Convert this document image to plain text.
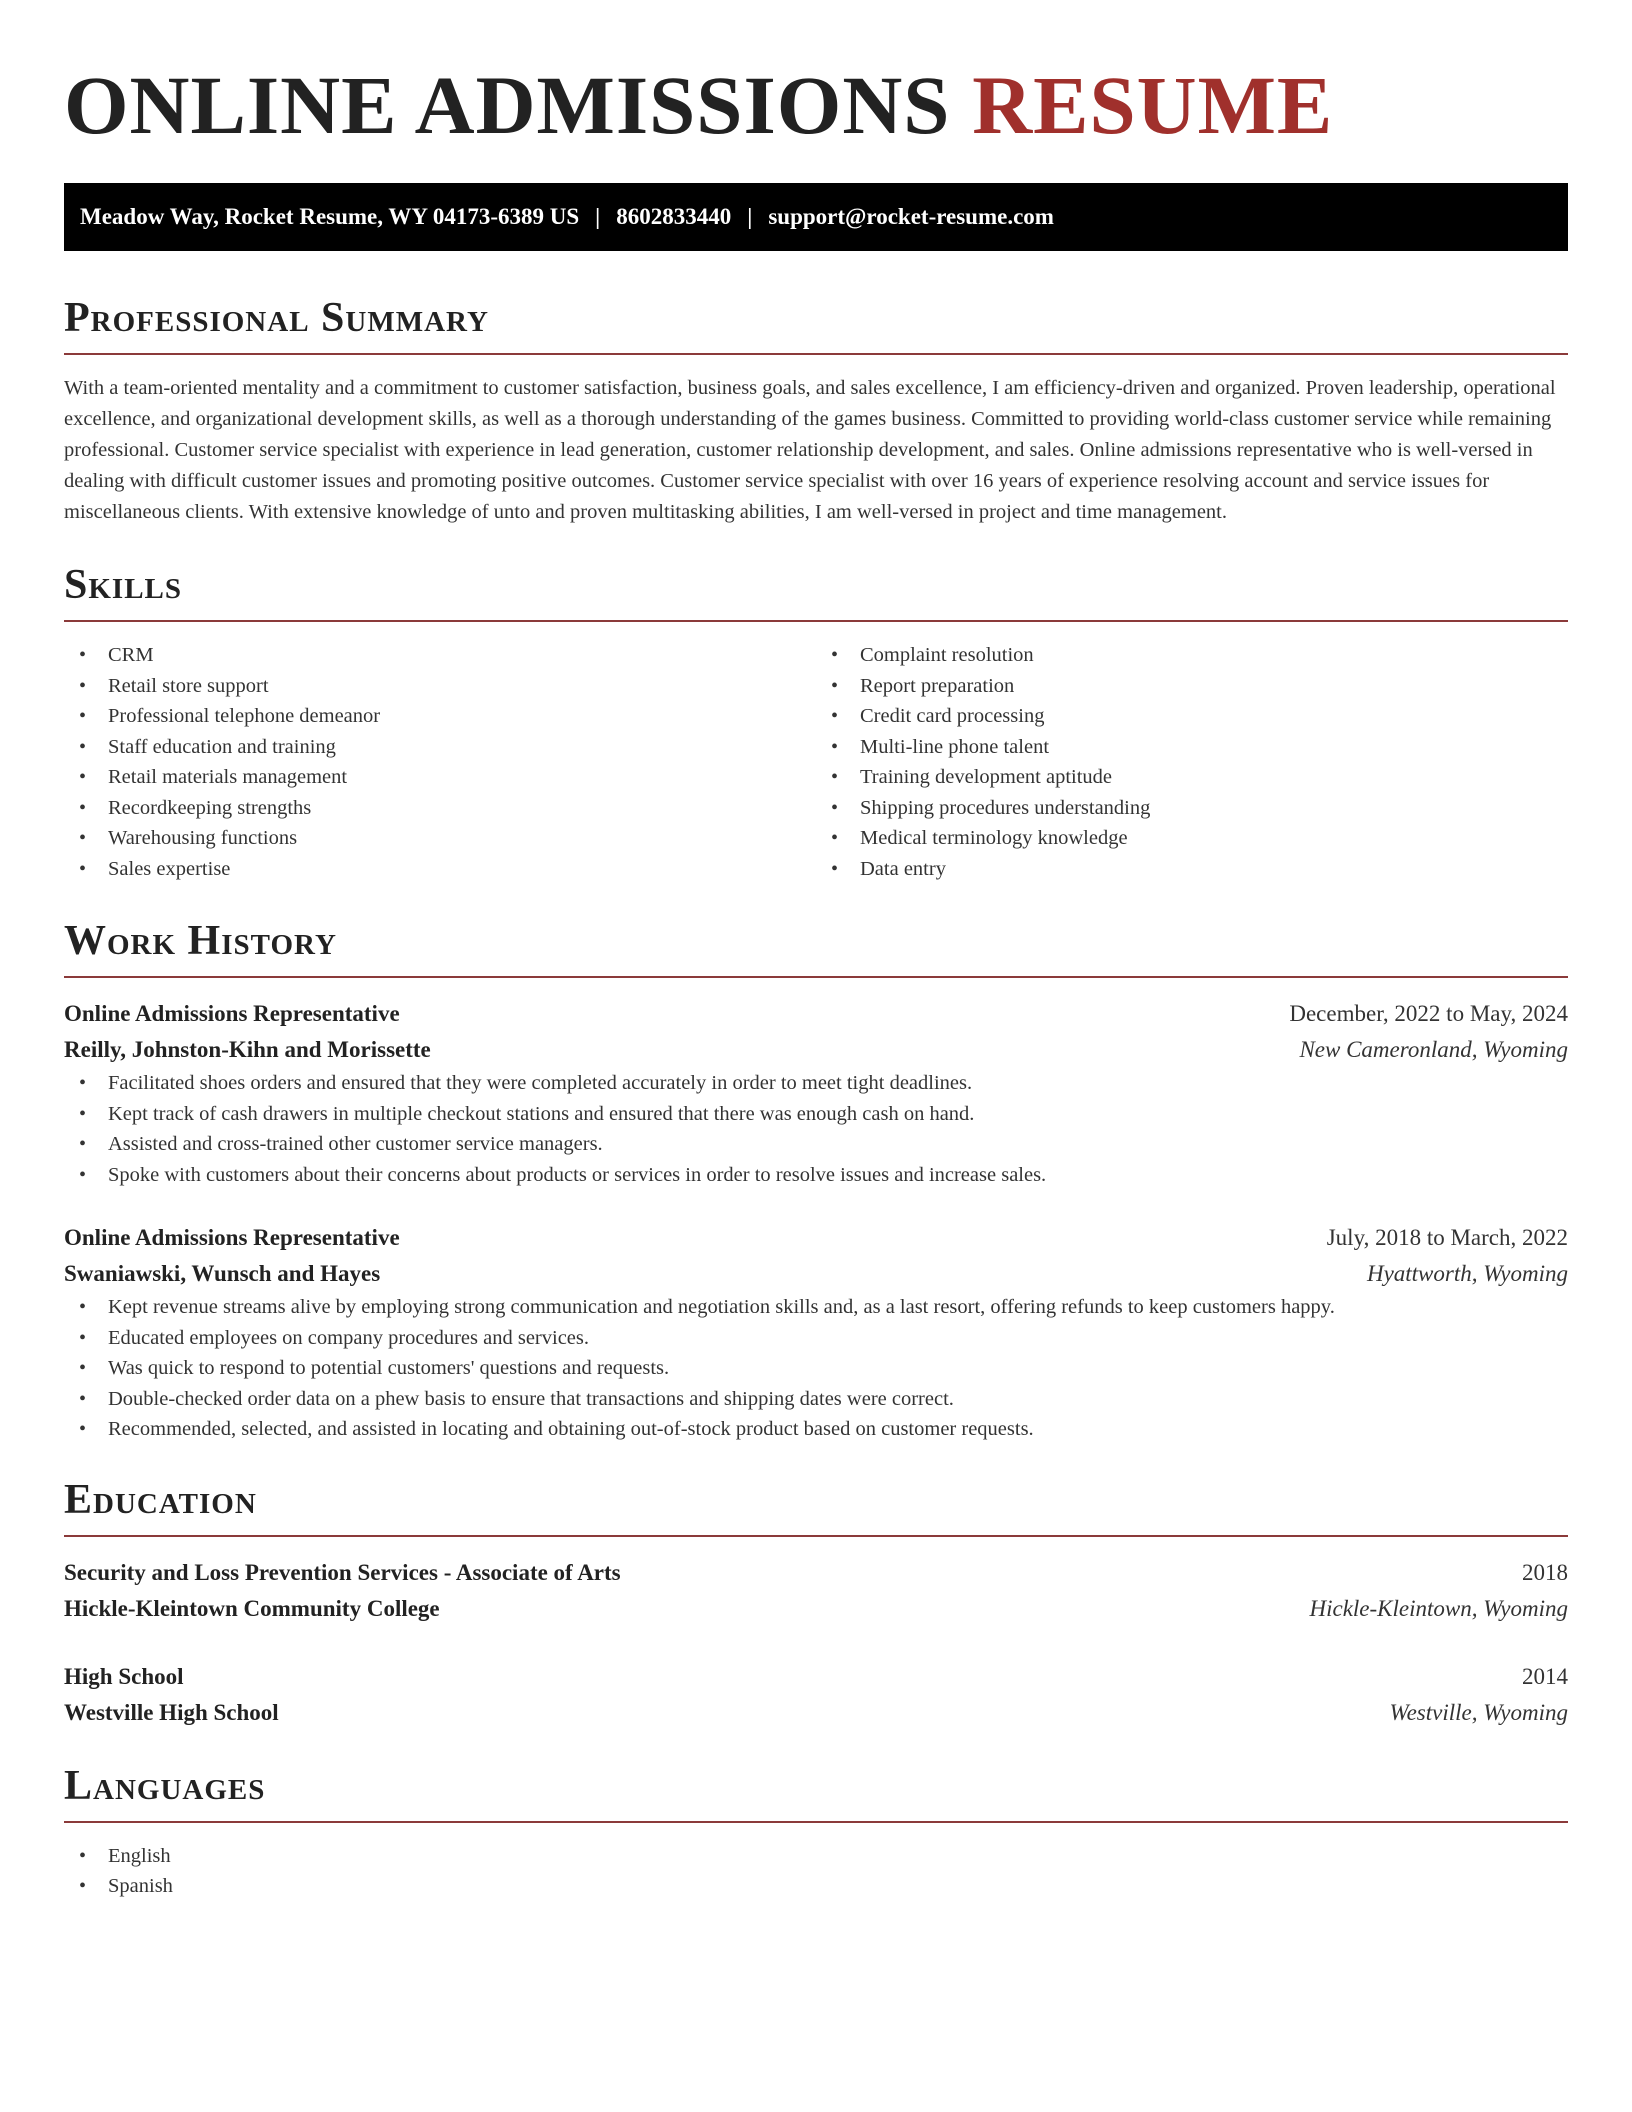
ONLINE ADMISSIONS RESUME
Meadow Way, Rocket Resume, WY 04173-6389 US | 8602833440 | support@rocket-resume.com
Professional Summary

With a team-oriented mentality and a commitment to customer satisfaction, business goals, and sales excellence, I am efficiency-driven and organized. Proven leadership, operational excellence, and organizational development skills, as well as a thorough understanding of the games business. Committed to providing world-class customer service while remaining professional. Customer service specialist with experience in lead generation, customer relationship development, and sales. Online admissions representative who is well-versed in dealing with difficult customer issues and promoting positive outcomes. Customer service specialist with over 16 years of experience resolving account and service issues for miscellaneous clients. With extensive knowledge of unto and proven multitasking abilities, I am well-versed in project and time management.

Skills
• CRM
• Retail store support
• Professional telephone demeanor
• Staff education and training
• Retail materials management
• Recordkeeping strengths
• Warehousing functions
• Sales expertise
• Complaint resolution
• Report preparation
• Credit card processing
• Multi-line phone talent
• Training development aptitude
• Shipping procedures understanding
• Medical terminology knowledge
• Data entry
Work History
Online Admissions Representative	December, 2022 to May, 2024
Reilly, Johnston-Kihn and Morissette	New Cameronland, Wyoming
• Facilitated shoes orders and ensured that they were completed accurately in order to meet tight deadlines.
• Kept track of cash drawers in multiple checkout stations and ensured that there was enough cash on hand.
• Assisted and cross-trained other customer service managers.
• Spoke with customers about their concerns about products or services in order to resolve issues and increase sales.
Online Admissions Representative	July, 2018 to March, 2022
Swaniawski, Wunsch and Hayes	Hyattworth, Wyoming
• Kept revenue streams alive by employing strong communication and negotiation skills and, as a last resort, offering refunds to keep customers happy.
• Educated employees on company procedures and services.
• Was quick to respond to potential customers' questions and requests.
• Double-checked order data on a phew basis to ensure that transactions and shipping dates were correct.
• Recommended, selected, and assisted in locating and obtaining out-of-stock product based on customer requests.
Education
Security and Loss Prevention Services - Associate of Arts	2018
Hickle-Kleintown Community College	Hickle-Kleintown, Wyoming
High School	2014
Westville High School	Westville, Wyoming
Languages
• English
• Spanish
